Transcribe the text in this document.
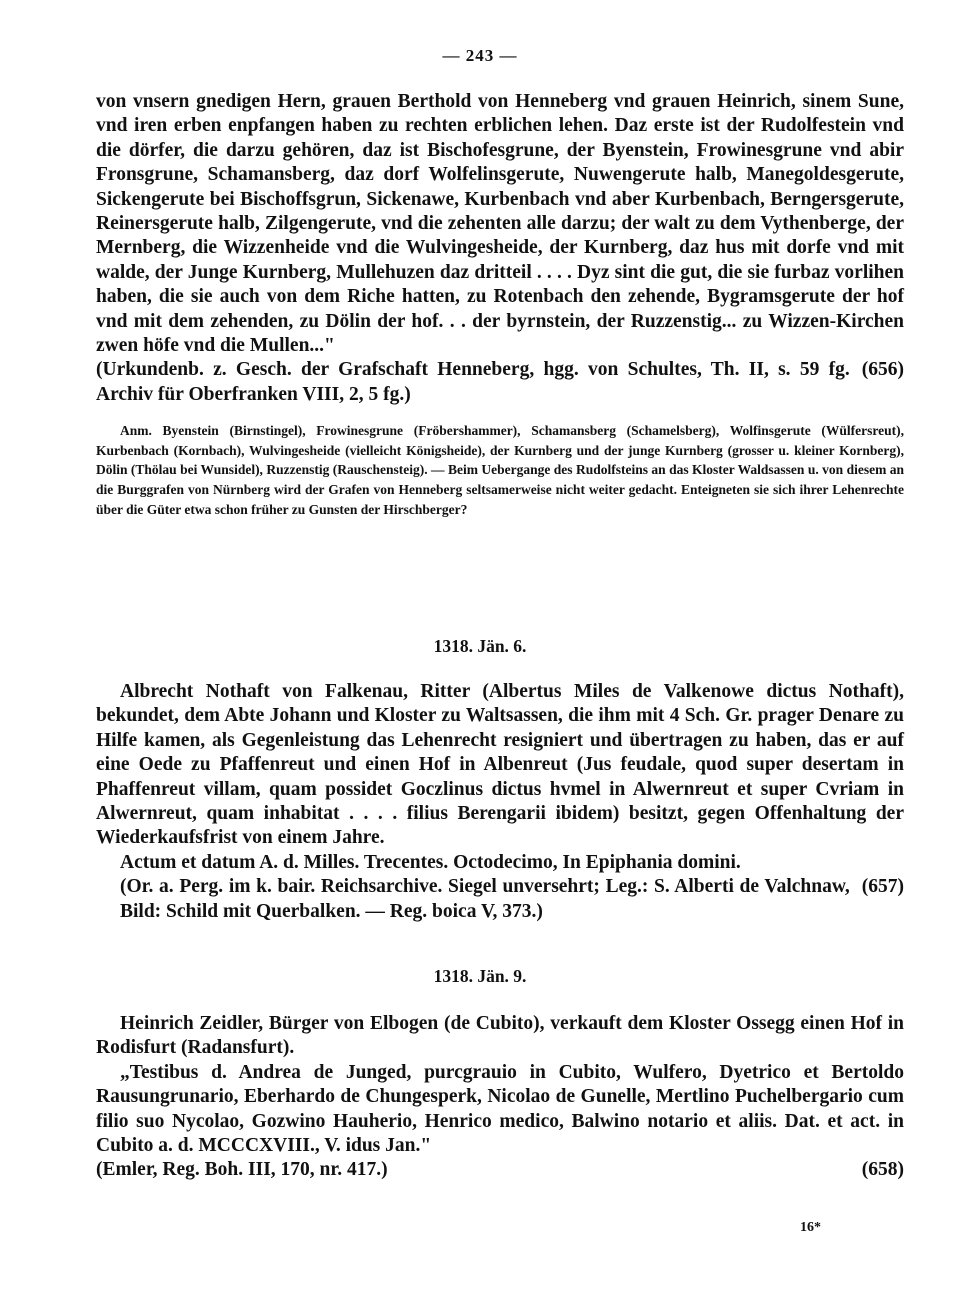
— 243 —

von vnsern gnedigen Hern, grauen Berthold von Henneberg vnd grauen Heinrich, sinem Sune, vnd iren erben enpfangen haben zu rechten erblichen lehen. Daz erste ist der Rudolfestein vnd die dörfer, die darzu gehören, daz ist Bischofesgrune, der Byenstein, Frowinesgrune vnd abir Fronsgrune, Schamansberg, daz dorf Wolfelinsgerute, Nuwengerute halb, Manegoldesgerute, Sickengerute bei Bischoffsgrun, Sickenawe, Kurbenbach vnd aber Kurbenbach, Berngersgerute, Reinersgerute halb, Zilgengerute, vnd die zehenten alle darzu; der walt zu dem Vythenberge, der Mernberg, die Wizzenheide vnd die Wulvingesheide, der Kurnberg, daz hus mit dorfe vnd mit walde, der Junge Kurnberg, Mullehuzen daz dritteil . . . . Dyz sint die gut, die sie furbaz vorlihen haben, die sie auch von dem Riche hatten, zu Rotenbach den zehende, Bygramsgerute der hof vnd mit dem zehenden, zu Dölin der hof. . . der byrnstein, der Ruzzenstig... zu Wizzen-Kirchen zwen höfe vnd die Mullen..."

(Urkundenb. z. Gesch. der Grafschaft Henneberg, hgg. von Schultes, Th. II, s. 59 fg. Archiv für Oberfranken VIII, 2, 5 fg.)
(656)

Anm. Byenstein (Birnstingel), Frowinesgrune (Fröbershammer), Schamansberg (Schamelsberg), Wolfinsgerute (Wülfersreut), Kurbenbach (Kornbach), Wulvingesheide (vielleicht Königsheide), der Kurnberg und der junge Kurnberg (grosser u. kleiner Kornberg), Dölin (Thölau bei Wunsidel), Ruzzenstig (Rauschensteig). — Beim Uebergange des Rudolfsteins an das Kloster Waldsassen u. von diesem an die Burggrafen von Nürnberg wird der Grafen von Henneberg seltsamerweise nicht weiter gedacht. Enteigneten sie sich ihrer Lehenrechte über die Güter etwa schon früher zu Gunsten der Hirschberger?

1318. Jän. 6.

Albrecht Nothaft von Falkenau, Ritter (Albertus Miles de Valkenowe dictus Nothaft), bekundet, dem Abte Johann und Kloster zu Waltsassen, die ihm mit 4 Sch. Gr. prager Denare zu Hilfe kamen, als Gegenleistung das Lehenrecht resigniert und übertragen zu haben, das er auf eine Oede zu Pfaffenreut und einen Hof in Albenreut (Jus feudale, quod super desertam in Phaffenreut villam, quam possidet Goczlinus dictus hvmel in Alwernreut et super Cvriam in Alwernreut, quam inhabitat . . . . filius Berengarii ibidem) besitzt, gegen Offenhaltung der Wiederkaufsfrist von einem Jahre.

Actum et datum A. d. Milles. Trecentes. Octodecimo, In Epiphania domini.

(Or. a. Perg. im k. bair. Reichsarchive. Siegel unversehrt; Leg.: S. Alberti de Valchnaw, Bild: Schild mit Querbalken. — Reg. boica V, 373.)
(657)
1318. Jän. 9.

Heinrich Zeidler, Bürger von Elbogen (de Cubito), verkauft dem Kloster Ossegg einen Hof in Rodisfurt (Radansfurt).

„Testibus d. Andrea de Junged, purcgrauio in Cubito, Wulfero, Dyetrico et Bertoldo Rausungrunario, Eberhardo de Chungesperk, Nicolao de Gunelle, Mertlino Puchelbergario cum filio suo Nycolao, Gozwino Hauherio, Henrico medico, Balwino notario et aliis. Dat. et act. in Cubito a. d. MCCCXVIII., V. idus Jan."

(Emler, Reg. Boh. III, 170, nr. 417.)	(658)
16*
